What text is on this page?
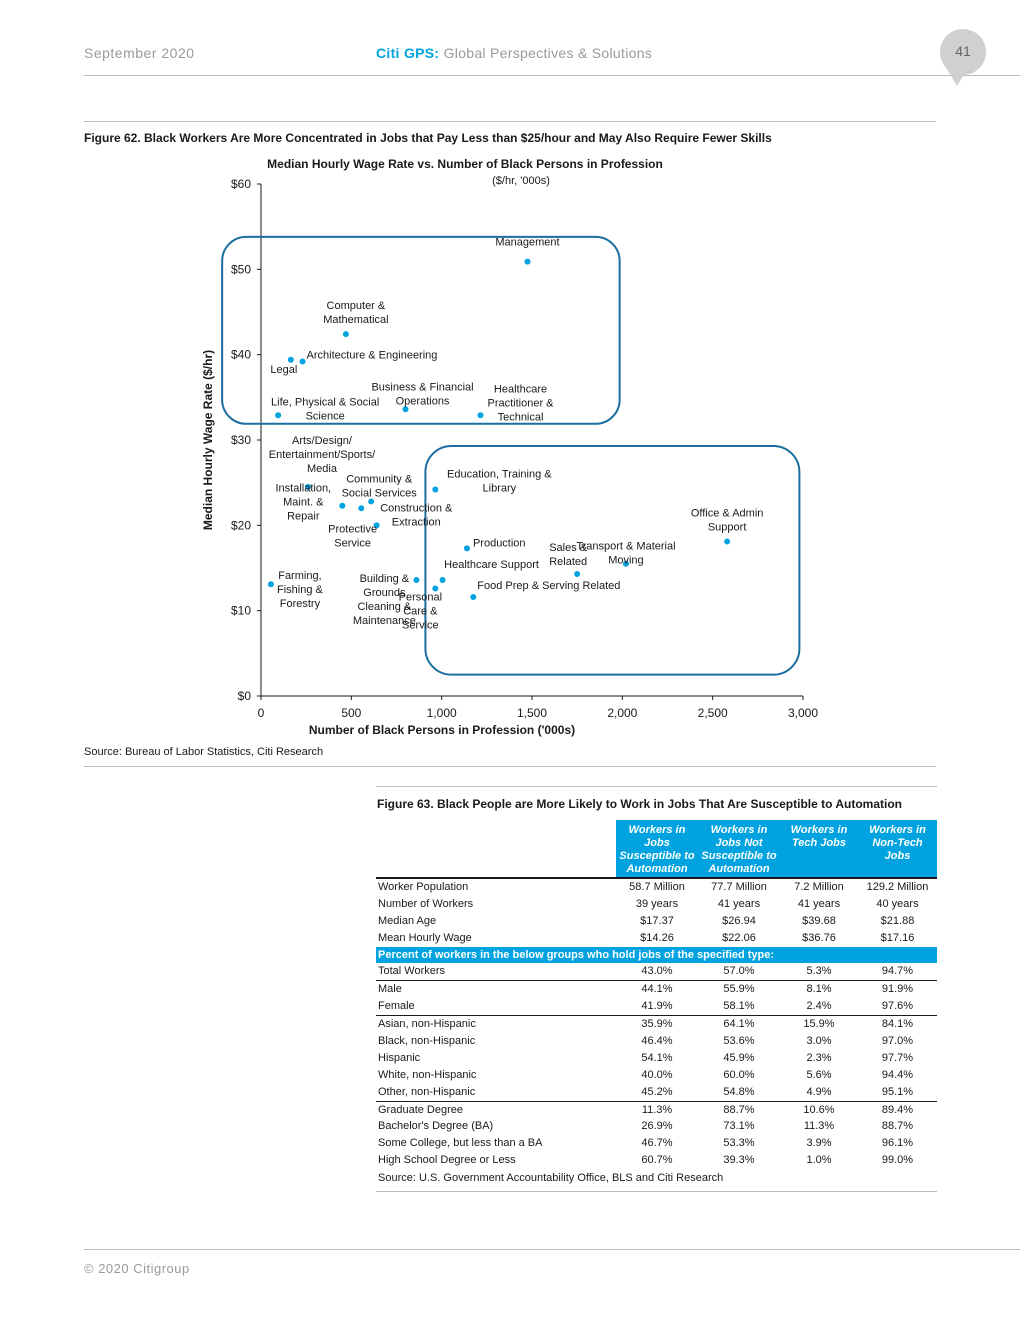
September 2020	Citi GPS: Global Perspectives & Solutions	41
Figure 62. Black Workers Are More Concentrated in Jobs that Pay Less than $25/hour and May Also Require Fewer Skills
Median Hourly Wage Rate vs. Number of Black Persons in Profession
($/hr, '000s)
$0
$10
$20
$30
$40
$50
$60
0	500	1,000	1,500	2,000	2,500	3,000
Number of Black Persons in Profession ('000s)
Median Hourly Wage Rate ($/hr)
Management
Computer & Mathematical
Architecture & Engineering
Legal
Life, Physical & Social Science
Business & Financial Operations
Healthcare Practitioner & Technical
Arts/Design/ Entertainment/Sports/ Media	Education, Training & Library
Community & Social Services
Construction & Extraction
Installation, Maint. & Repair
Protective Service
Office & Admin Support
Production Sales & Related
Transport & Material Moving
Healthcare Support
Farming, Fishing & Forestry
Building & Grounds Cleaning & Maintenance
Food Prep & Serving Related
Personal Care & Service
Source: Bureau of Labor Statistics, Citi Research
Figure 63. Black People are More Likely to Work in Jobs That Are Susceptible to Automation
	Workers in
Jobs
Susceptible to
Automation	Workers in
Jobs Not
Susceptible to
Automation	Workers in
Tech Jobs	Workers in
Non-Tech
Jobs

Worker Population	58.7 Million	77.7 Million	7.2 Million	129.2 Million
Number of Workers	39 years	41 years	41 years	40 years
Median Age	$17.37	$26.94	$39.68	$21.88
Mean Hourly Wage	$14.26	$22.06	$36.76	$17.16
Percent of workers in the below groups who hold jobs of the specified type:				
Total Workers	43.0%	57.0%	5.3%	94.7%
Male	44.1%	55.9%	8.1%	91.9%
Female	41.9%	58.1%	2.4%	97.6%
Asian, non-Hispanic	35.9%	64.1%	15.9%	84.1%
Black, non-Hispanic	46.4%	53.6%	3.0%	97.0%
Hispanic	54.1%	45.9%	2.3%	97.7%
White, non-Hispanic	40.0%	60.0%	5.6%	94.4%
Other, non-Hispanic	45.2%	54.8%	4.9%	95.1%
Graduate Degree	11.3%	88.7%	10.6%	89.4%
Bachelor's Degree (BA)	26.9%	73.1%	11.3%	88.7%
Some College, but less than a BA	46.7%	53.3%	3.9%	96.1%
High School Degree or Less	60.7%	39.3%	1.0%	99.0%
Source: U.S. Government Accountability Office, BLS and Citi Research
© 2020 Citigroup
